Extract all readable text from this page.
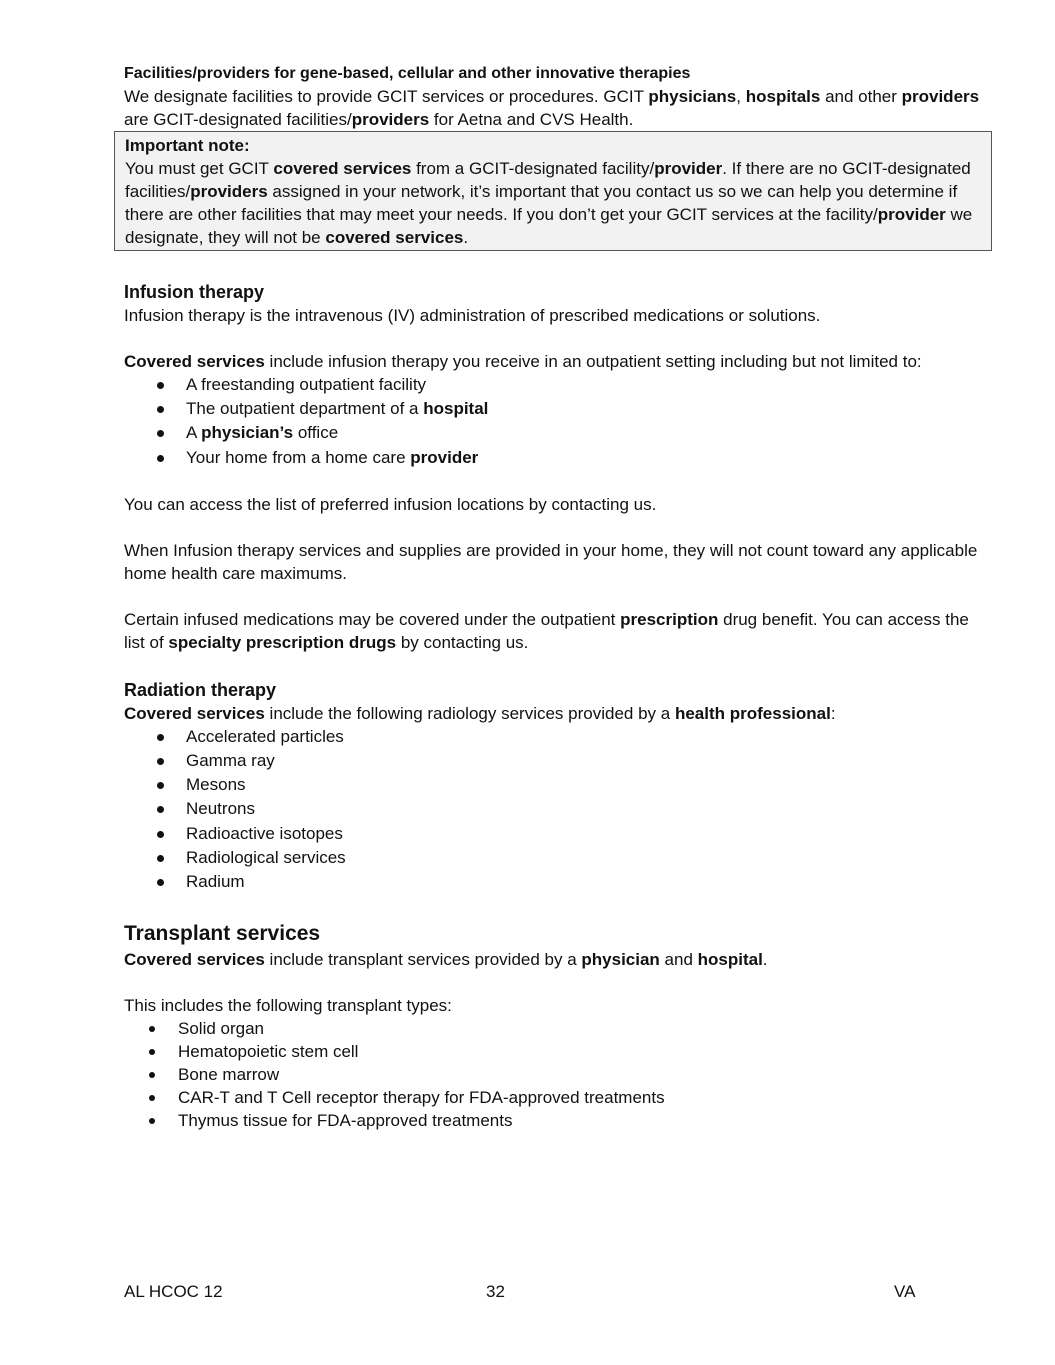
Facilities/providers for gene-based, cellular and other innovative therapies

We designate facilities to provide GCIT services or procedures. GCIT physicians, hospitals and other providers are GCIT-designated facilities/providers for Aetna and CVS Health.

Important note:

You must get GCIT covered services from a GCIT-designated facility/provider. If there are no GCIT-designated facilities/providers assigned in your network, it’s important that you contact us so we can help you determine if there are other facilities that may meet your needs. If you don’t get your GCIT services at the facility/provider we designate, they will not be covered services.

Infusion therapy

Infusion therapy is the intravenous (IV) administration of prescribed medications or solutions.

Covered services include infusion therapy you receive in an outpatient setting including but not limited to:

A freestanding outpatient facility
The outpatient department of a hospital
A physician’s office
Your home from a home care provider

You can access the list of preferred infusion locations by contacting us.

When Infusion therapy services and supplies are provided in your home, they will not count toward any applicable home health care maximums.

Certain infused medications may be covered under the outpatient prescription drug benefit. You can access the list of specialty prescription drugs by contacting us.

Radiation therapy

Covered services include the following radiology services provided by a health professional:

Accelerated particles
Gamma ray
Mesons
Neutrons
Radioactive isotopes
Radiological services
Radium

Transplant services

Covered services include transplant services provided by a physician and hospital.

This includes the following transplant types:

Solid organ
Hematopoietic stem cell
Bone marrow
CAR-T and T Cell receptor therapy for FDA-approved treatments
Thymus tissue for FDA-approved treatments
AL HCOC 12	32	VA
